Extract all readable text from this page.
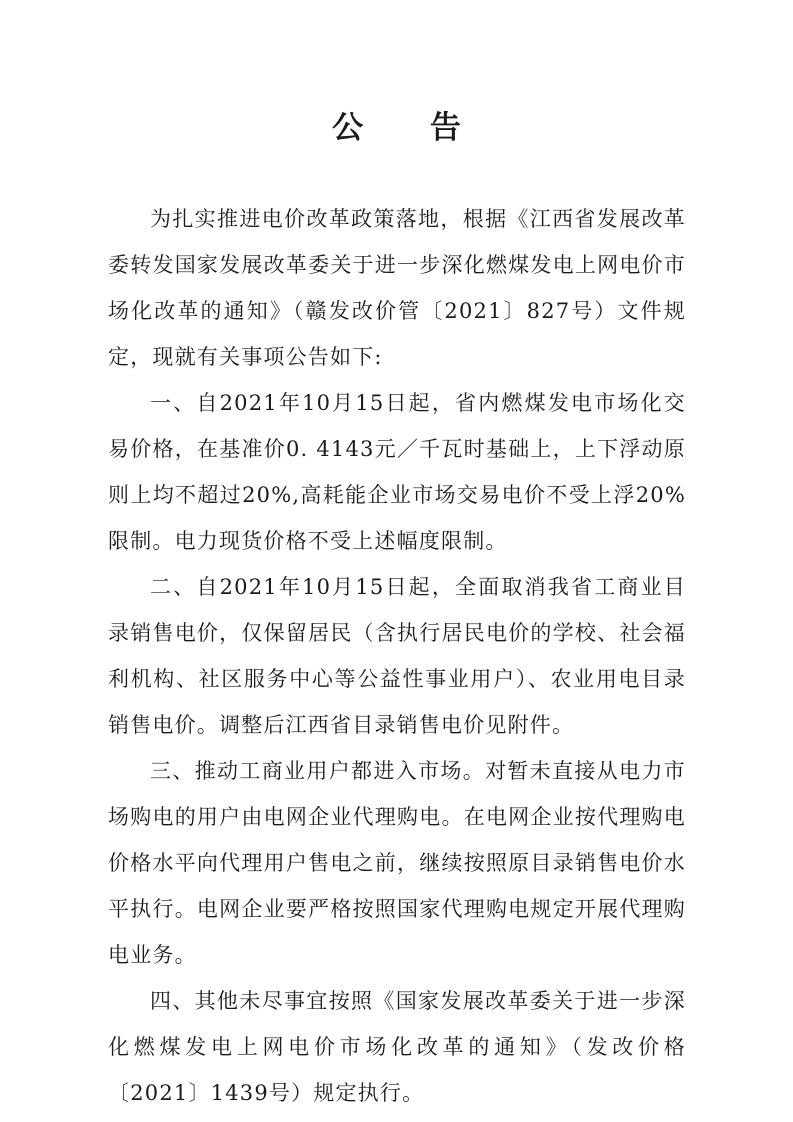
公 告

为扎实推进电价改革政策落地，根据《江西省发展改革委转发国家发展改革委关于进一步深化燃煤发电上网电价市场化改革的通知》（赣发改价管〔2021〕827号）文件规定，现就有关事项公告如下:

一、自2021年10月15日起，省内燃煤发电市场化交易价格，在基准价0. 4143元／千瓦时基础上，上下浮动原则上均不超过20%,高耗能企业市场交易电价不受上浮20%限制。电力现货价格不受上述幅度限制。

二、自2021年10月15日起，全面取消我省工商业目录销售电价，仅保留居民（含执行居民电价的学校、社会福利机构、社区服务中心等公益性事业用户）、农业用电目录销售电价。调整后江西省目录销售电价见附件。

三、推动工商业用户都进入市场。对暂未直接从电力市场购电的用户由电网企业代理购电。在电网企业按代理购电价格水平向代理用户售电之前，继续按照原目录销售电价水平执行。电网企业要严格按照国家代理购电规定开展代理购电业务。

四、其他未尽事宜按照《国家发展改革委关于进一步深化燃煤发电上网电价市场化改革的通知》（发改价格〔2021〕1439号）规定执行。
